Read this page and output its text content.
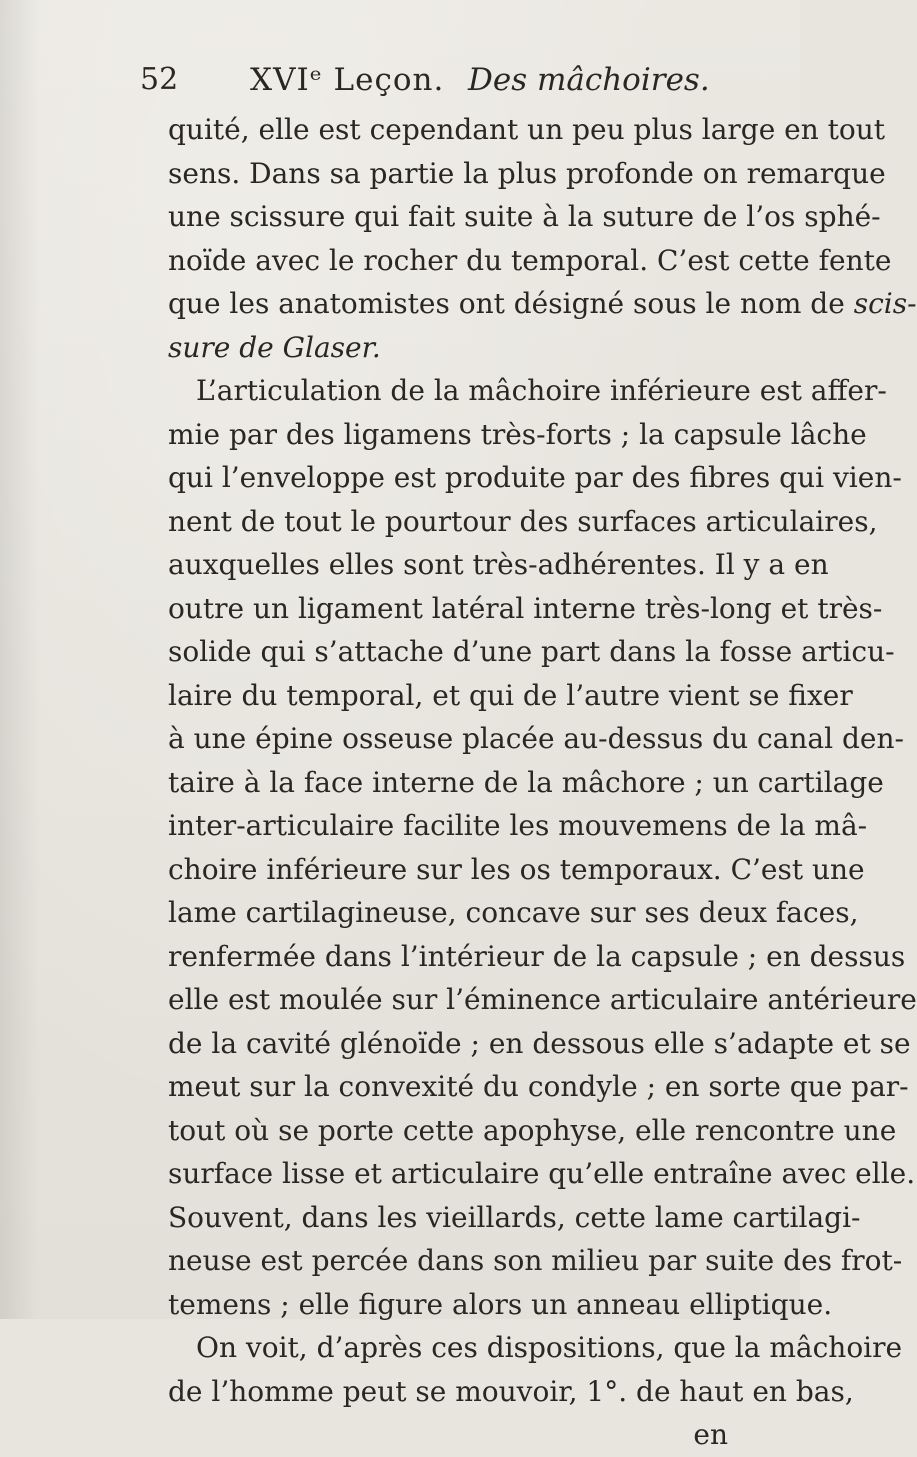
52 XVIᵉ Leçon. Des mâchoires.
quité, elle est cependant un peu plus large en tout
sens. Dans sa partie la plus profonde on remarque
une scissure qui fait suite à la suture de l’os sphé-
noïde avec le rocher du temporal. C’est cette fente
que les anatomistes ont désigné sous le nom de scis-
sure de Glaser.
L’articulation de la mâchoire inférieure est affer-
mie par des ligamens très-forts ; la capsule lâche
qui l’enveloppe est produite par des fibres qui vien-
nent de tout le pourtour des surfaces articulaires,
auxquelles elles sont très-adhérentes. Il y a en
outre un ligament latéral interne très-long et très-
solide qui s’attache d’une part dans la fosse articu-
laire du temporal, et qui de l’autre vient se fixer
à une épine osseuse placée au-dessus du canal den-
taire à la face interne de la mâchore ; un cartilage
inter-articulaire facilite les mouvemens de la mâ-
choire inférieure sur les os temporaux. C’est une
lame cartilagineuse, concave sur ses deux faces,
renfermée dans l’intérieur de la capsule ; en dessus
elle est moulée sur l’éminence articulaire antérieure
de la cavité glénoïde ; en dessous elle s’adapte et se
meut sur la convexité du condyle ; en sorte que par-
tout où se porte cette apophyse, elle rencontre une
surface lisse et articulaire qu’elle entraîne avec elle.
Souvent, dans les vieillards, cette lame cartilagi-
neuse est percée dans son milieu par suite des frot-
temens ; elle figure alors un anneau elliptique.
On voit, d’après ces dispositions, que la mâchoire
de l’homme peut se mouvoir, 1°. de haut en bas,
en
